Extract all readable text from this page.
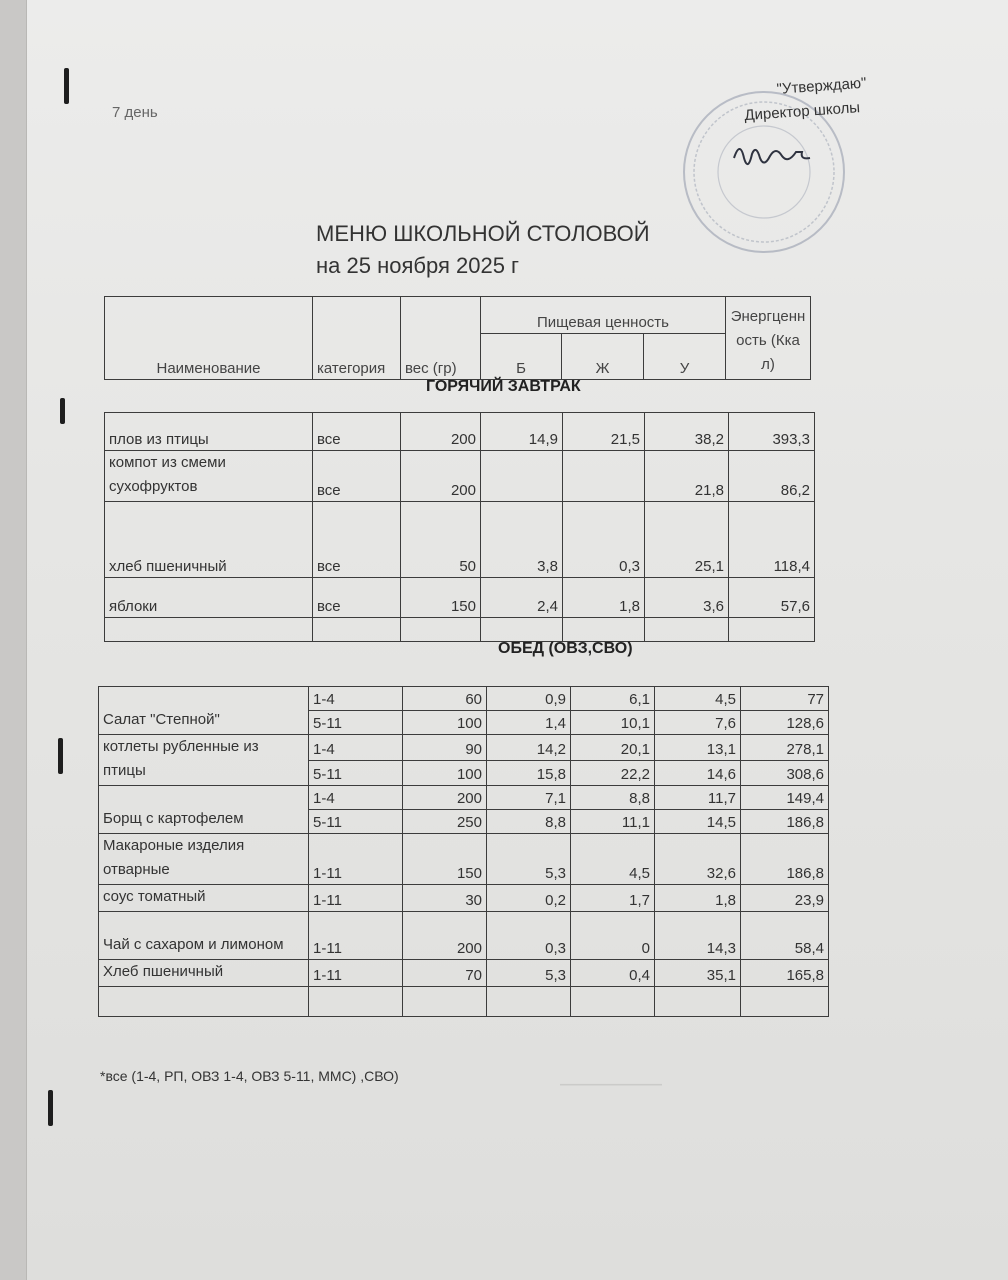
7 день
"Утверждаю"
Директор школы
МЕНЮ ШКОЛЬНОЙ СТОЛОВОЙ
на 25 ноября 2025 г
Наименование	категория	вес (гр)	Пищевая ценность			Энергценность (Ккал)
			Б	Ж	У	
ГОРЯЧИЙ ЗАВТРАК
плов из птицы	все	200	14,9	21,5	38,2	393,3
компот из смеми сухофруктов	все	200			21,8	86,2
хлеб пшеничный	все	50	3,8	0,3	25,1	118,4
яблоки	все	150	2,4	1,8	3,6	57,6

ОБЕД (ОВЗ,СВО)
Салат "Степной"	1-4	60	0,9	6,1	4,5	77
	5-11	100	1,4	10,1	7,6	128,6
котлеты рубленные из птицы	1-4	90	14,2	20,1	13,1	278,1
	5-11	100	15,8	22,2	14,6	308,6
Борщ с картофелем	1-4	200	7,1	8,8	11,7	149,4
	5-11	250	8,8	11,1	14,5	186,8
Макароные изделия отварные	1-11	150	5,3	4,5	32,6	186,8
соус томатный	1-11	30	0,2	1,7	1,8	23,9
Чай с сахаром и лимоном	1-11	200	0,3	0	14,3	58,4
Хлеб пшеничный	1-11	70	5,3	0,4	35,1	165,8

――――――
*все (1-4, РП, ОВЗ 1-4, ОВЗ 5-11, ММС) ,СВО)
